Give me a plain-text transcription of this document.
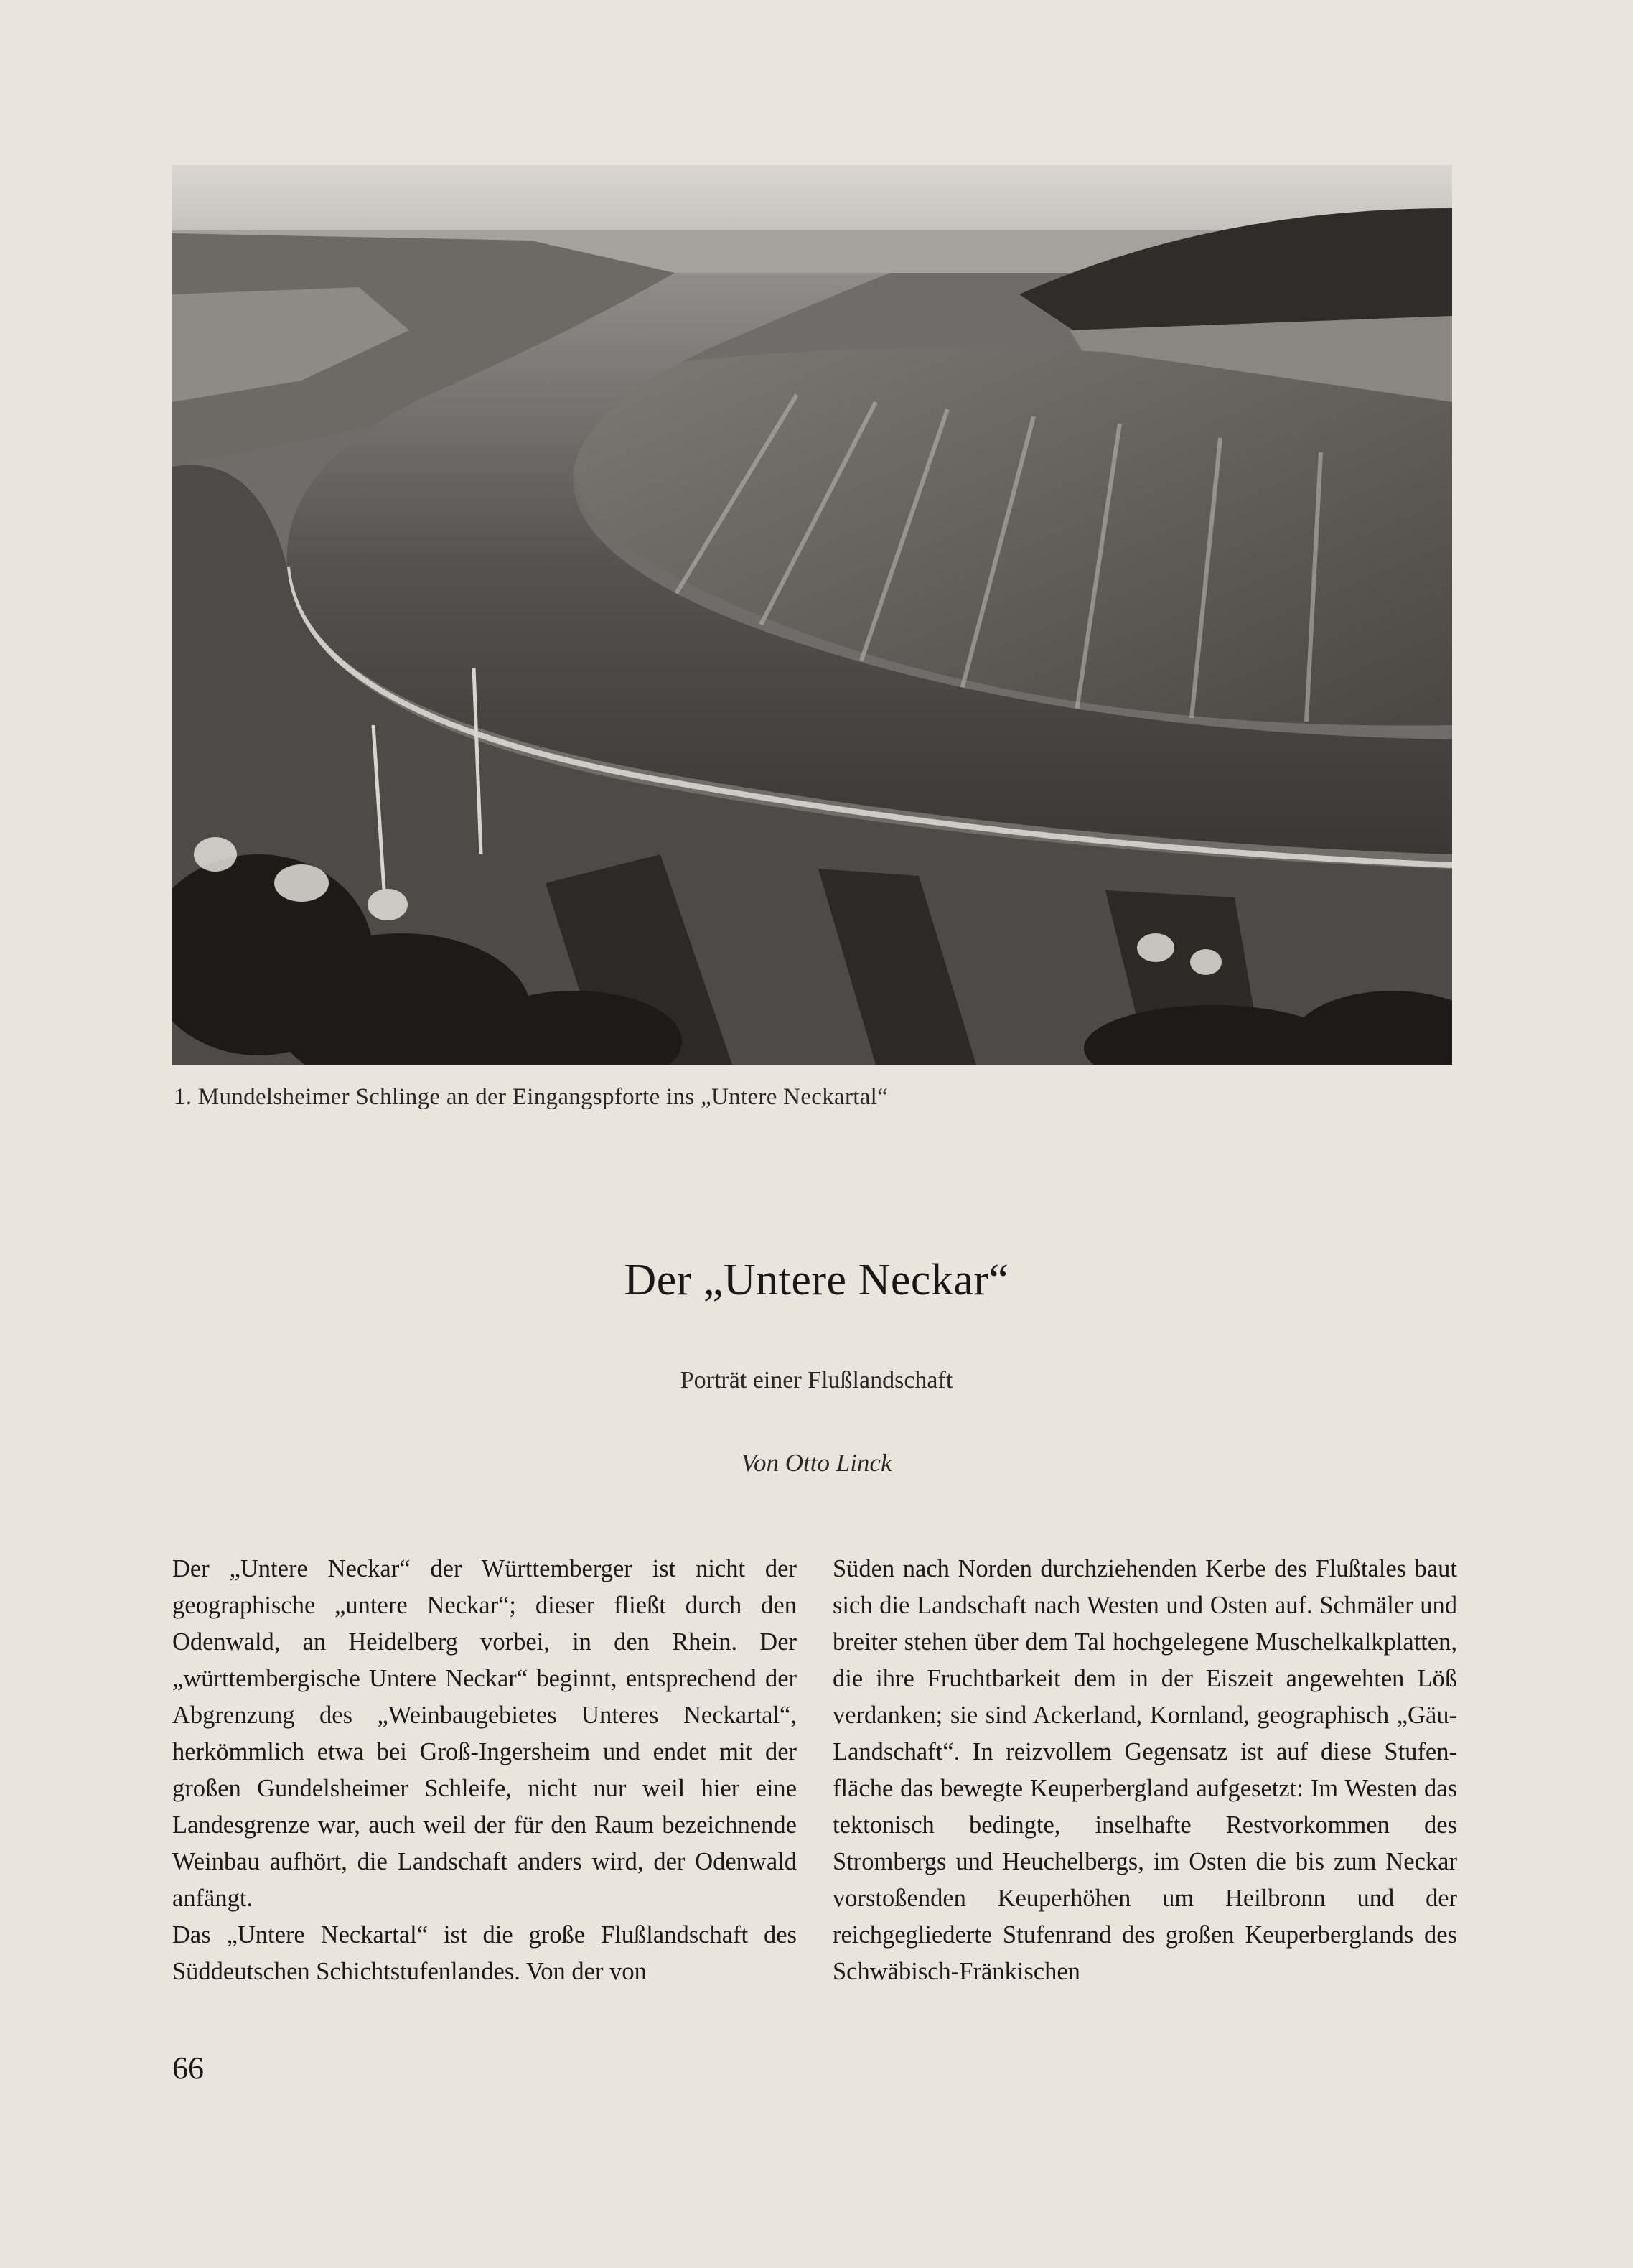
1. Mundelsheimer Schlinge an der Eingangspforte ins „Untere Neckartal“
Der „Untere Neckar“
Porträt einer Flußlandschaft
Von Otto Linck

Der „Untere Neckar“ der Württemberger ist nicht der geographische „untere Neckar“; dieser fließt durch den Odenwald, an Heidelberg vorbei, in den Rhein. Der „württembergische Untere Neckar“ beginnt, entsprechend der Abgrenzung des „Weinbaugebietes Unteres Neckartal“, herkömmlich etwa bei Groß-Ingersheim und endet mit der großen Gundelsheimer Schleife, nicht nur weil hier eine Landesgrenze war, auch weil der für den Raum bezeichnende Weinbau aufhört, die Landschaft anders wird, der Odenwald anfängt.

Das „Untere Neckartal“ ist die große Flußlandschaft des Süddeutschen Schichtstufenlandes. Von der von

Süden nach Norden durchziehenden Kerbe des Flußtales baut sich die Landschaft nach Westen und Osten auf. Schmäler und breiter stehen über dem Tal hochgelegene Muschelkalkplatten, die ihre Fruchtbarkeit dem in der Eiszeit angewehten Löß verdanken; sie sind Ackerland, Kornland, geographisch „Gäu-Landschaft“. In reizvollem Gegensatz ist auf diese Stufenfläche das bewegte Keuperbergland aufgesetzt: Im Westen das tektonisch bedingte, inselhafte Restvorkommen des Strombergs und Heuchelbergs, im Osten die bis zum Neckar vorstoßenden Keuperhöhen um Heilbronn und der reichgegliederte Stufenrand des großen Keuperberglands des Schwäbisch-Fränkischen

66
